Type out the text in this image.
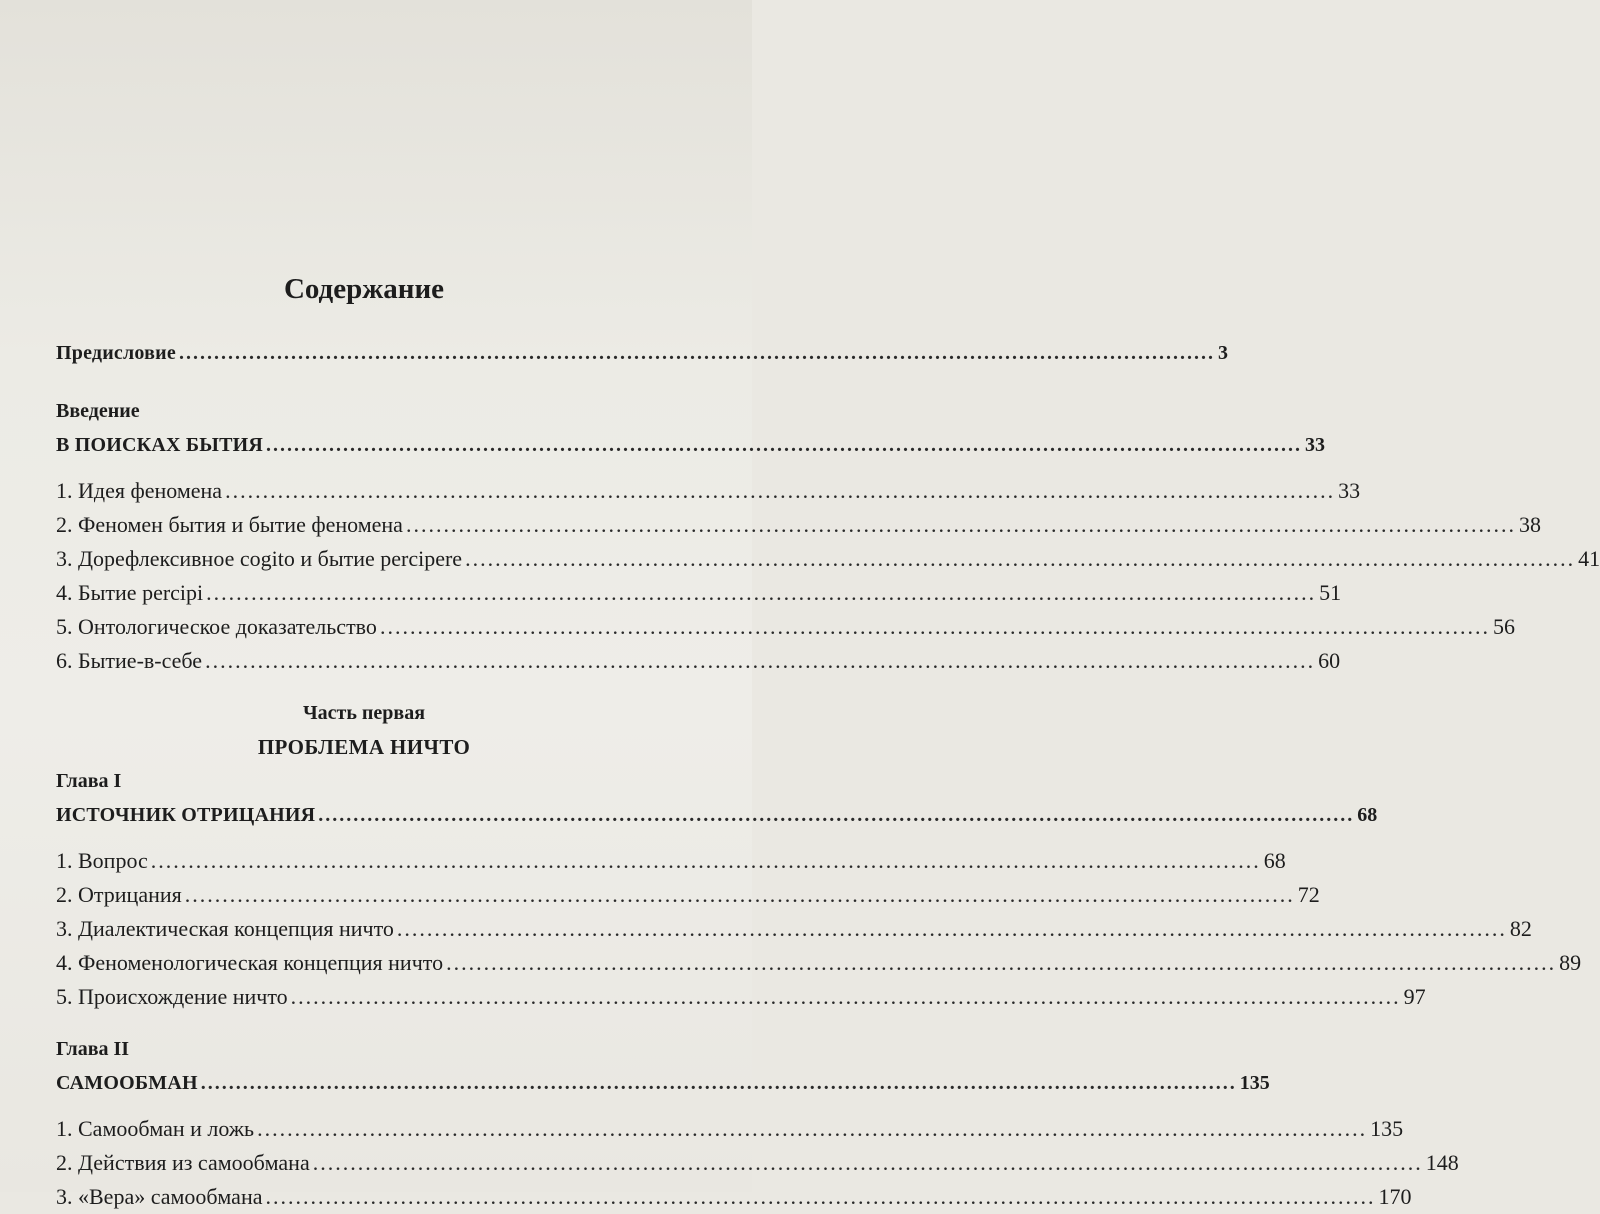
Содержание
Предисловие .....	3
Введение
В ПОИСКАХ БЫТИЯ .....	33
1. Идея феномена .....	33
2. Феномен бытия и бытие феномена .....	38
3. Дорефлексивное cogito и бытие percipere .....	41
4. Бытие percipi .....	51
5. Онтологическое доказательство .....	56
6. Бытие-в-себе .....	60
Часть первая
ПРОБЛЕМА НИЧТО
Глава I
ИСТОЧНИК ОТРИЦАНИЯ .....	68
1. Вопрос .....	68
2. Отрицания .....	72
3. Диалектическая концепция ничто .....	82
4. Феноменологическая концепция ничто .....	89
5. Происхождение ничто .....	97
Глава II
САМООБМАН .....	135
1. Самообман и ложь .....	135
2. Действия из самообмана .....	148
3. «Вера» самообмана .....	170
